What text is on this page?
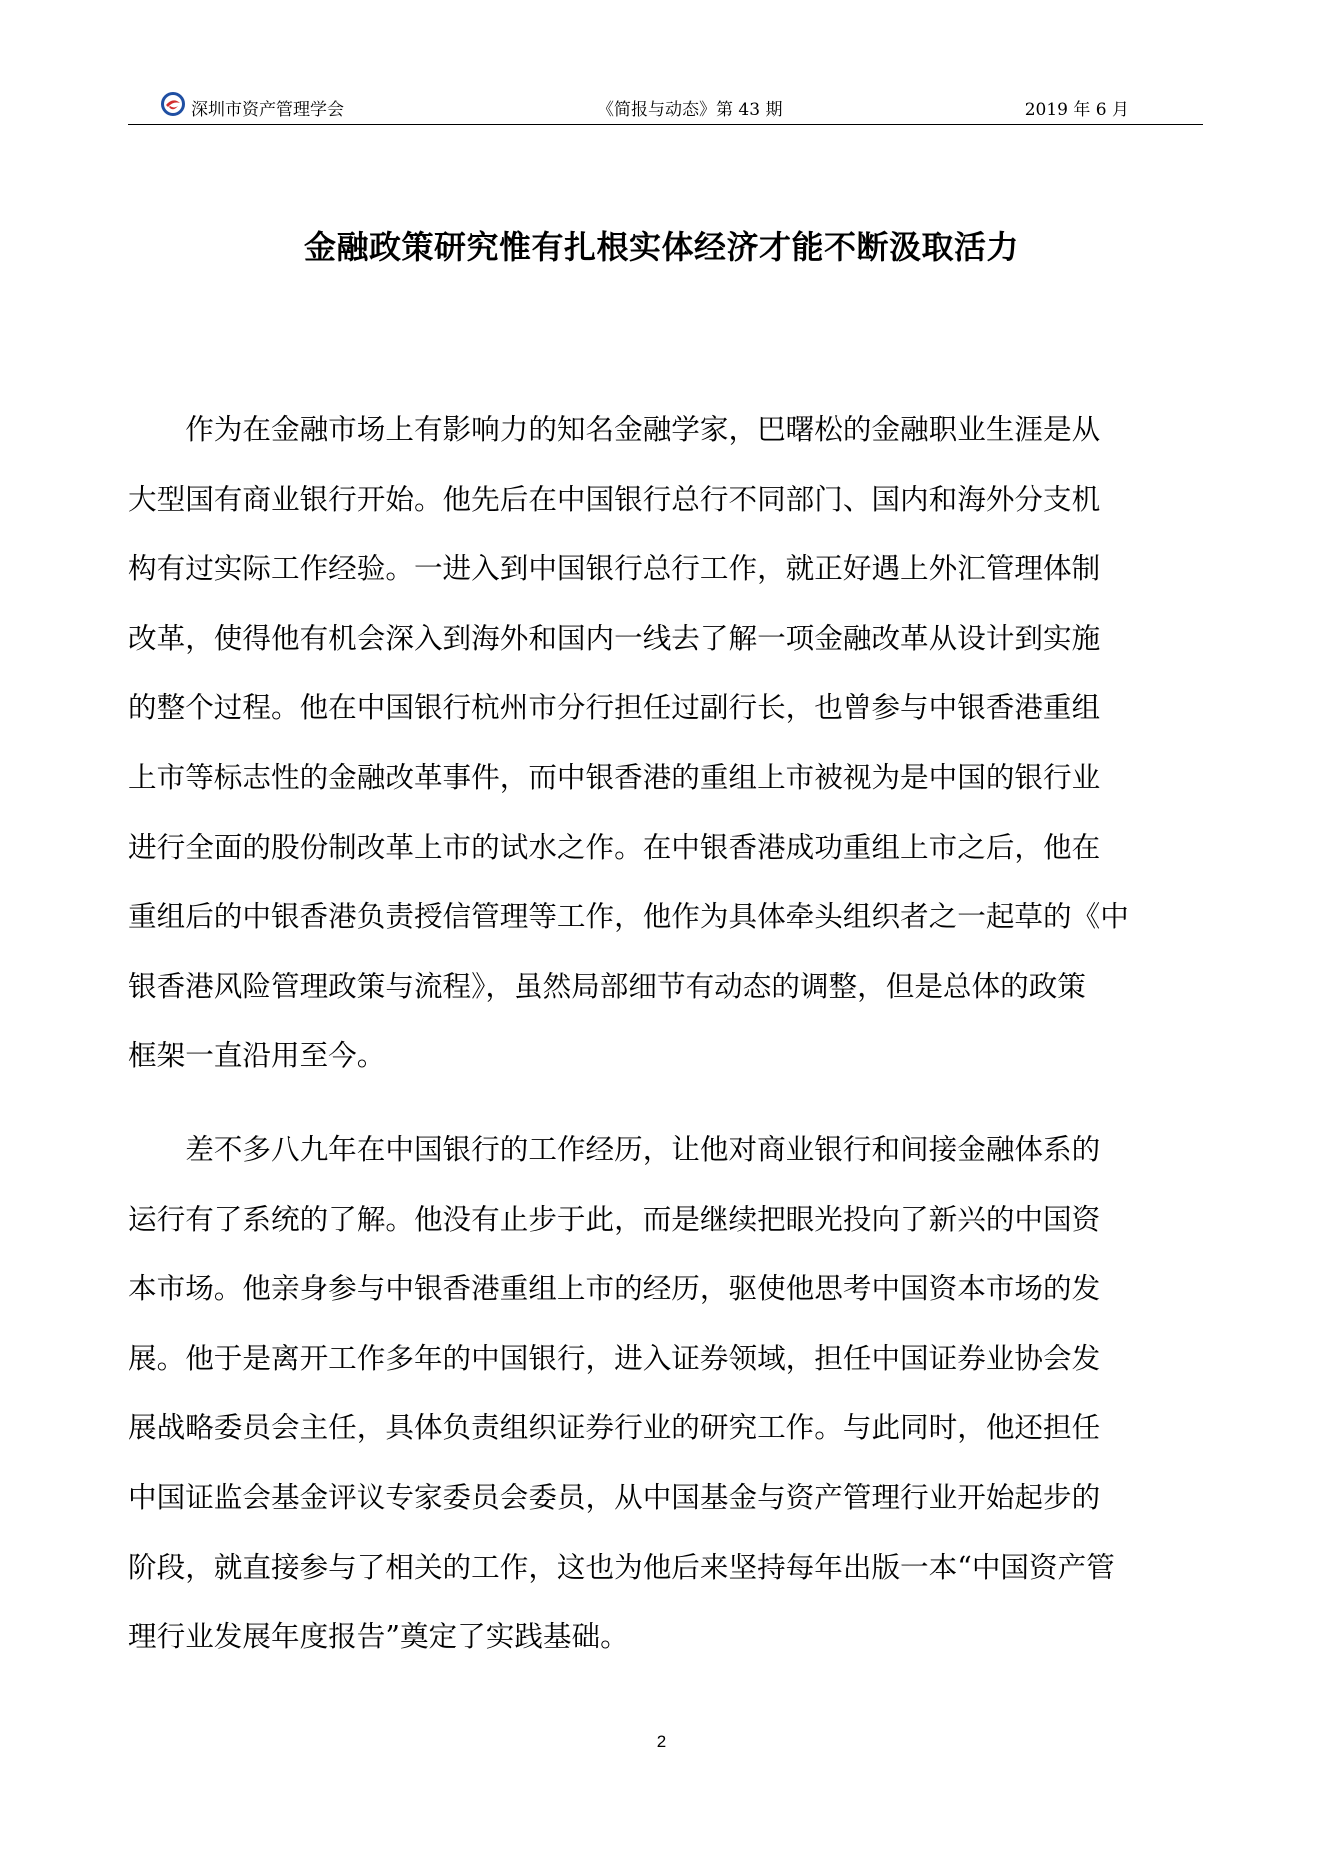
深圳市资产管理学会	《简报与动态》第 43 期	2019 年 6 月
金融政策研究惟有扎根实体经济才能不断汲取活力
　　作为在金融市场上有影响力的知名金融学家，巴曙松的金融职业生涯是从
大型国有商业银行开始。他先后在中国银行总行不同部门、国内和海外分支机
构有过实际工作经验。一进入到中国银行总行工作，就正好遇上外汇管理体制
改革，使得他有机会深入到海外和国内一线去了解一项金融改革从设计到实施
的整个过程。他在中国银行杭州市分行担任过副行长，也曾参与中银香港重组
上市等标志性的金融改革事件，而中银香港的重组上市被视为是中国的银行业
进行全面的股份制改革上市的试水之作。在中银香港成功重组上市之后，他在
重组后的中银香港负责授信管理等工作，他作为具体牵头组织者之一起草的《中
银香港风险管理政策与流程》，虽然局部细节有动态的调整，但是总体的政策
框架一直沿用至今。
　　差不多八九年在中国银行的工作经历，让他对商业银行和间接金融体系的
运行有了系统的了解。他没有止步于此，而是继续把眼光投向了新兴的中国资
本市场。他亲身参与中银香港重组上市的经历，驱使他思考中国资本市场的发
展。他于是离开工作多年的中国银行，进入证券领域，担任中国证券业协会发
展战略委员会主任，具体负责组织证券行业的研究工作。与此同时，他还担任
中国证监会基金评议专家委员会委员，从中国基金与资产管理行业开始起步的
阶段，就直接参与了相关的工作，这也为他后来坚持每年出版一本“中国资产管
理行业发展年度报告”奠定了实践基础。
2
